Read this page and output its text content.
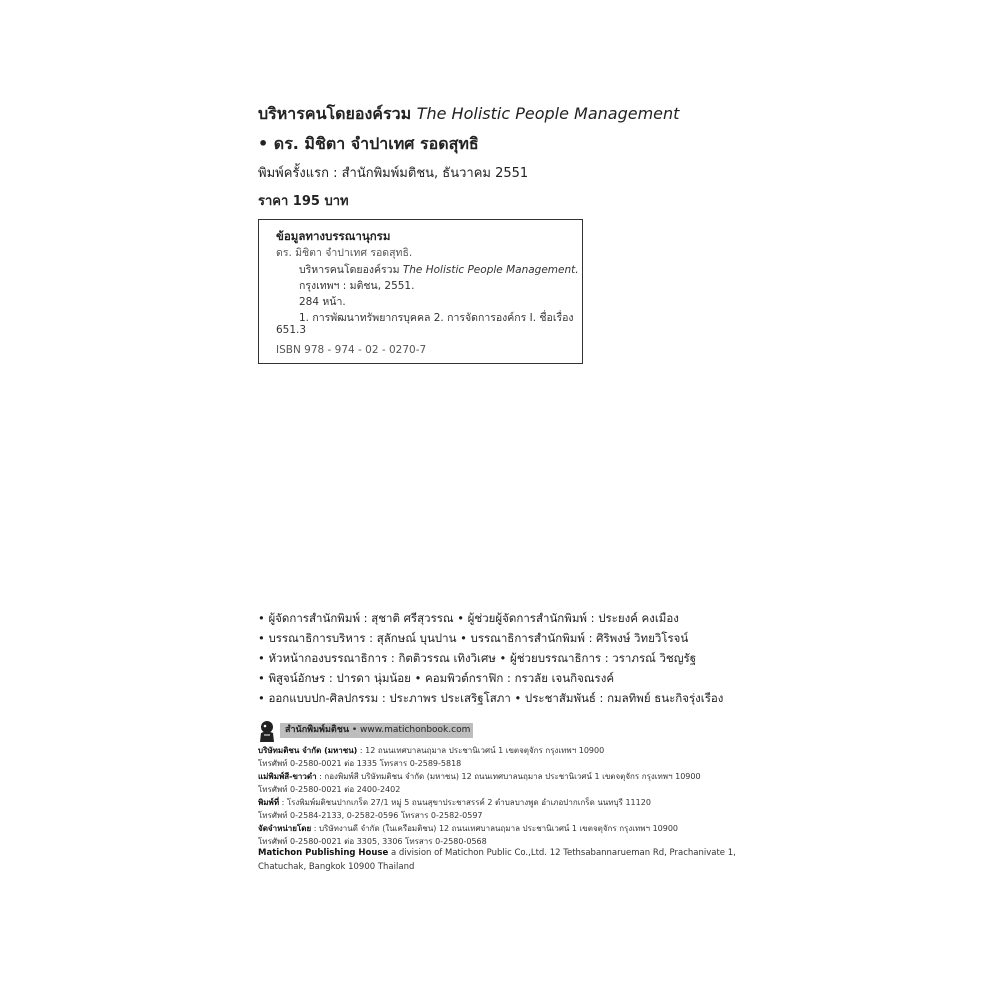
บริหารคนโดยองค์รวม The Holistic People Management
• ดร. มิชิตา จำปาเทศ รอดสุทธิ
พิมพ์ครั้งแรก : สำนักพิมพ์มติชน, ธันวาคม 2551
ราคา 195 บาท
ข้อมูลทางบรรณานุกรม
ดร. มิชิตา จำปาเทศ รอดสุทธิ.
บริหารคนโดยองค์รวม The Holistic People Management.
กรุงเทพฯ : มติชน, 2551.
284 หน้า.
1. การพัฒนาทรัพยากรบุคคล 2. การจัดการองค์กร I. ชื่อเรื่อง
651.3
ISBN 978 - 974 - 02 - 0270-7
• ผู้จัดการสำนักพิมพ์ : สุชาติ ศรีสุวรรณ • ผู้ช่วยผู้จัดการสำนักพิมพ์ : ประยงค์ คงเมือง
• บรรณาธิการบริหาร : สุลักษณ์ บุนปาน • บรรณาธิการสำนักพิมพ์ : ศิริพงษ์ วิทยวิโรจน์
• หัวหน้ากองบรรณาธิการ : กิตติวรรณ เทิงวิเศษ • ผู้ช่วยบรรณาธิการ : วราภรณ์ วิชญรัฐ
• พิสูจน์อักษร : ปารดา นุ่มน้อย • คอมพิวต์กราฟิก : กรวลัย เจนกิจณรงค์
• ออกแบบปก-ศิลปกรรม : ประภาพร ประเสริฐโสภา • ประชาสัมพันธ์ : กมลทิพย์ ธนะกิจรุ่งเรือง
สำนักพิมพ์มติชน • www.matichonbook.com
บริษัทมติชน จำกัด (มหาชน) : 12 ถนนเทศบาลนฤมาล ประชานิเวศน์ 1 เขตจตุจักร กรุงเทพฯ 10900
โทรศัพท์ 0-2580-0021 ต่อ 1335 โทรสาร 0-2589-5818
แม่พิมพ์สี-ขาวดำ : กองพิมพ์สี บริษัทมติชน จำกัด (มหาชน) 12 ถนนเทศบาลนฤมาล ประชานิเวศน์ 1 เขตจตุจักร กรุงเทพฯ 10900
โทรศัพท์ 0-2580-0021 ต่อ 2400-2402
พิมพ์ที่ : โรงพิมพ์มติชนปากเกร็ด 27/1 หมู่ 5 ถนนสุขาประชาสรรค์ 2 ตำบลบางพูด อำเภอปากเกร็ด นนทบุรี 11120
โทรศัพท์ 0-2584-2133, 0-2582-0596 โทรสาร 0-2582-0597
จัดจำหน่ายโดย : บริษัทงานดี จำกัด (ในเครือมติชน) 12 ถนนเทศบาลนฤมาล ประชานิเวศน์ 1 เขตจตุจักร กรุงเทพฯ 10900
โทรศัพท์ 0-2580-0021 ต่อ 3305, 3306 โทรสาร 0-2580-0568
Matichon Publishing House a division of Matichon Public Co.,Ltd. 12 Tethsabannarueman Rd, Prachanivate 1,
Chatuchak, Bangkok 10900 Thailand
